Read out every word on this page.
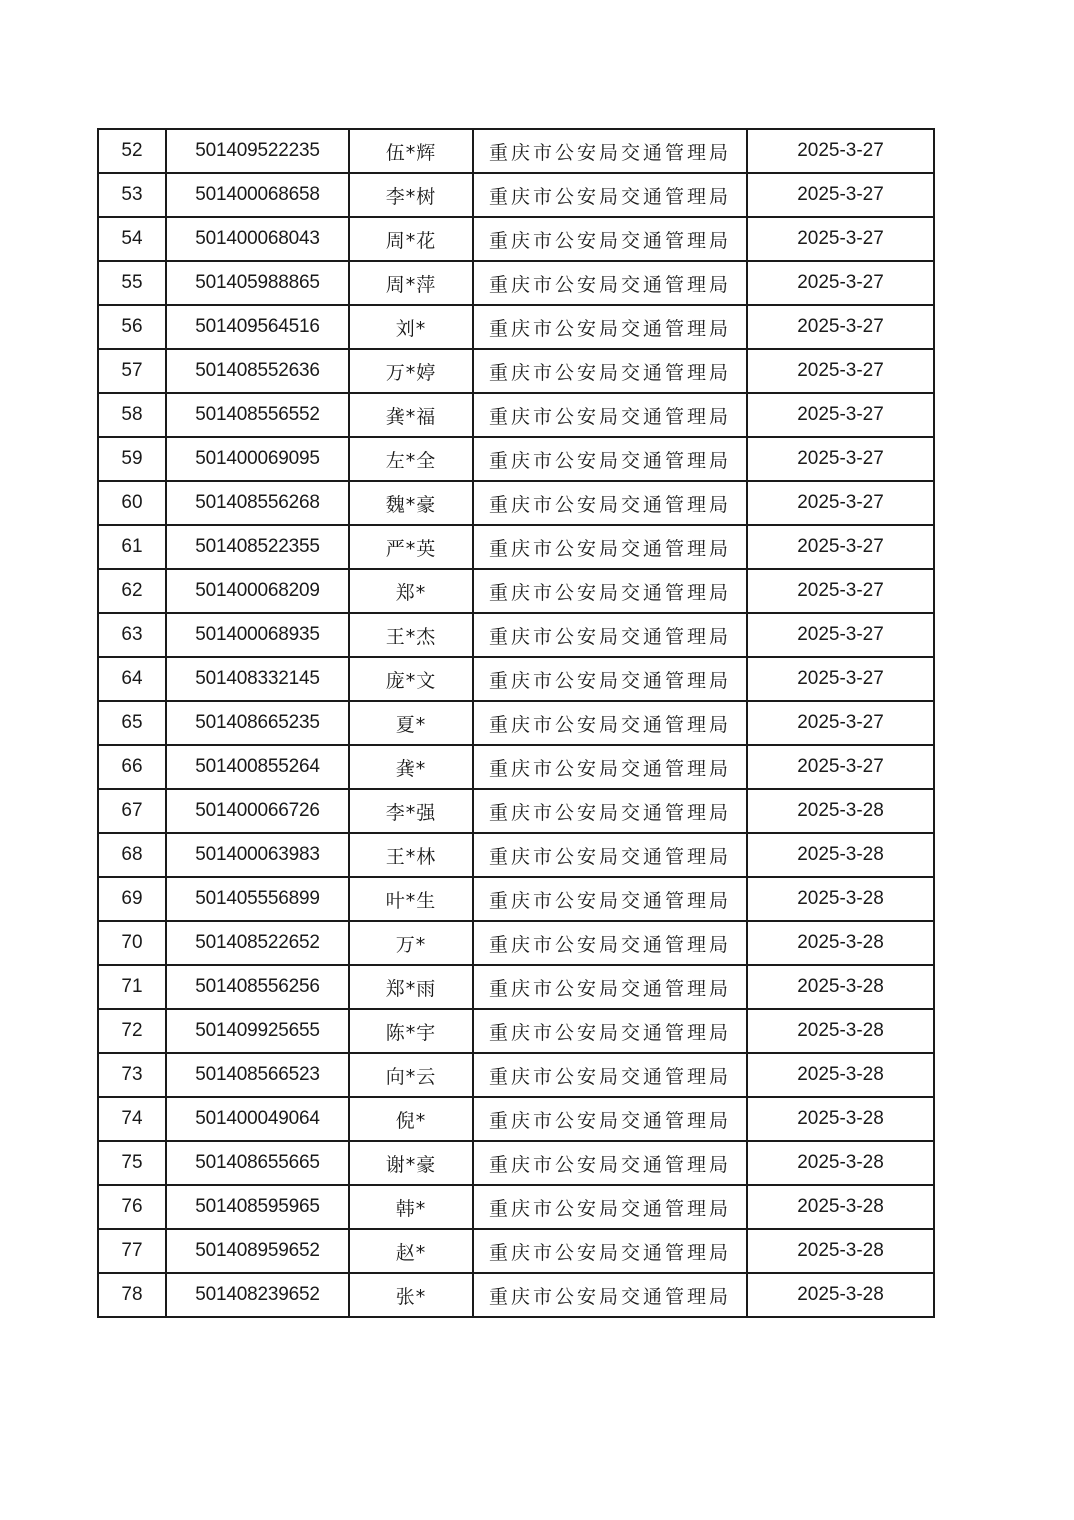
52	501409522235	伍*辉	重庆市公安局交通管理局	2025-3-27
53	501400068658	李*树	重庆市公安局交通管理局	2025-3-27
54	501400068043	周*花	重庆市公安局交通管理局	2025-3-27
55	501405988865	周*萍	重庆市公安局交通管理局	2025-3-27
56	501409564516	刘*	重庆市公安局交通管理局	2025-3-27
57	501408552636	万*婷	重庆市公安局交通管理局	2025-3-27
58	501408556552	龚*福	重庆市公安局交通管理局	2025-3-27
59	501400069095	左*全	重庆市公安局交通管理局	2025-3-27
60	501408556268	魏*豪	重庆市公安局交通管理局	2025-3-27
61	501408522355	严*英	重庆市公安局交通管理局	2025-3-27
62	501400068209	郑*	重庆市公安局交通管理局	2025-3-27
63	501400068935	王*杰	重庆市公安局交通管理局	2025-3-27
64	501408332145	庞*文	重庆市公安局交通管理局	2025-3-27
65	501408665235	夏*	重庆市公安局交通管理局	2025-3-27
66	501400855264	龚*	重庆市公安局交通管理局	2025-3-27
67	501400066726	李*强	重庆市公安局交通管理局	2025-3-28
68	501400063983	王*林	重庆市公安局交通管理局	2025-3-28
69	501405556899	叶*生	重庆市公安局交通管理局	2025-3-28
70	501408522652	万*	重庆市公安局交通管理局	2025-3-28
71	501408556256	郑*雨	重庆市公安局交通管理局	2025-3-28
72	501409925655	陈*宇	重庆市公安局交通管理局	2025-3-28
73	501408566523	向*云	重庆市公安局交通管理局	2025-3-28
74	501400049064	倪*	重庆市公安局交通管理局	2025-3-28
75	501408655665	谢*豪	重庆市公安局交通管理局	2025-3-28
76	501408595965	韩*	重庆市公安局交通管理局	2025-3-28
77	501408959652	赵*	重庆市公安局交通管理局	2025-3-28
78	501408239652	张*	重庆市公安局交通管理局	2025-3-28
